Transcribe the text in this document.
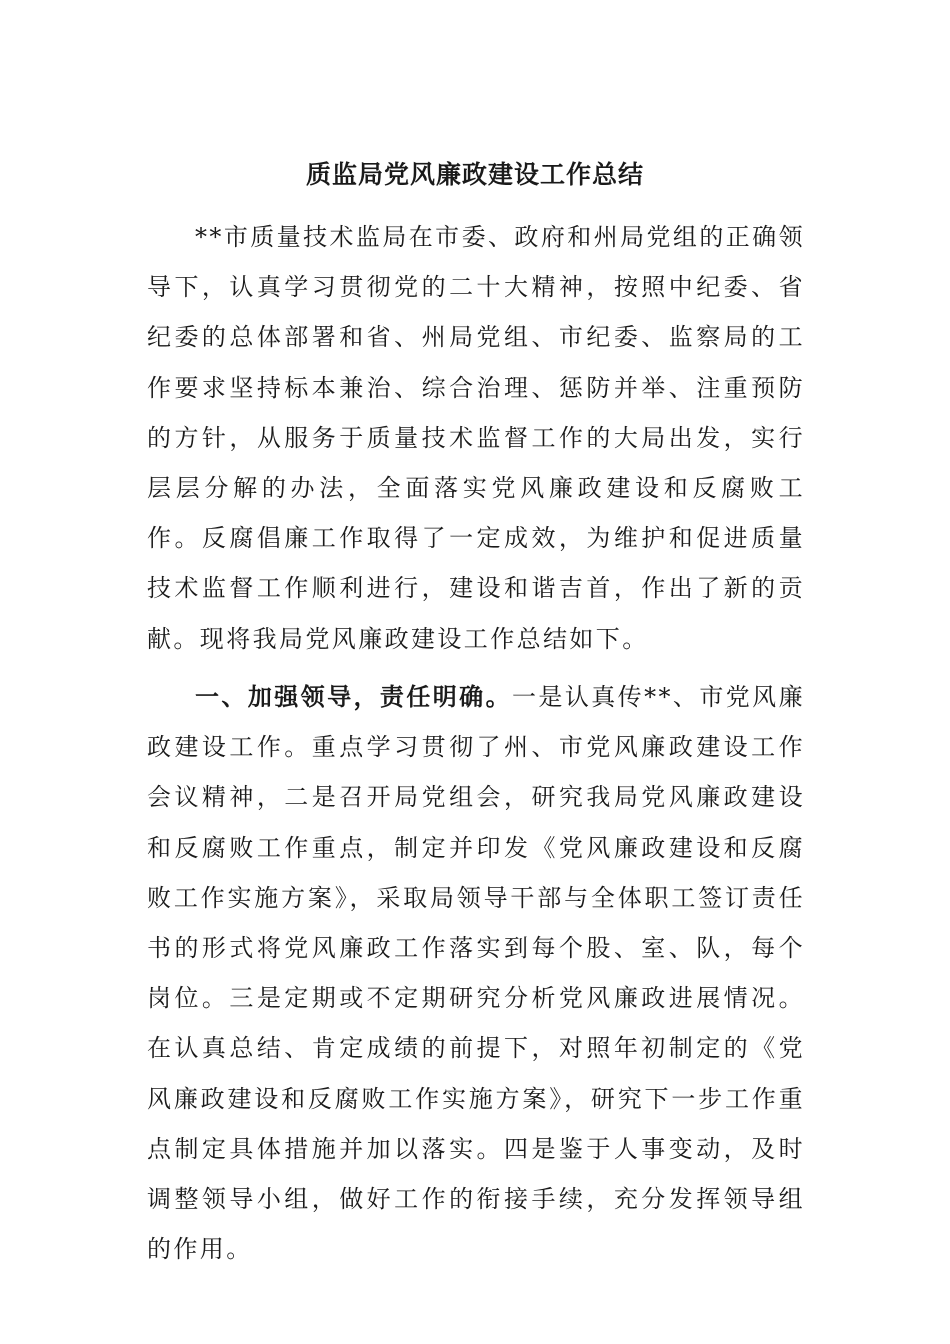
质监局党风廉政建设工作总结

**市质量技术监局在市委、政府和州局党组的正确领导下，认真学习贯彻党的二十大精神，按照中纪委、省纪委的总体部署和省、州局党组、市纪委、监察局的工作要求坚持标本兼治、综合治理、惩防并举、注重预防的方针，从服务于质量技术监督工作的大局出发，实行层层分解的办法，全面落实党风廉政建设和反腐败工作。反腐倡廉工作取得了一定成效，为维护和促进质量技术监督工作顺利进行，建设和谐吉首，作出了新的贡献。现将我局党风廉政建设工作总结如下。

一、加强领导，责任明确。一是认真传**、市党风廉政建设工作。重点学习贯彻了州、市党风廉政建设工作会议精神，二是召开局党组会，研究我局党风廉政建设和反腐败工作重点，制定并印发《党风廉政建设和反腐败工作实施方案》，采取局领导干部与全体职工签订责任书的形式将党风廉政工作落实到每个股、室、队，每个岗位。三是定期或不定期研究分析党风廉政进展情况。在认真总结、肯定成绩的前提下，对照年初制定的《党风廉政建设和反腐败工作实施方案》，研究下一步工作重点制定具体措施并加以落实。四是鉴于人事变动，及时调整领导小组，做好工作的衔接手续，充分发挥领导组的作用。
